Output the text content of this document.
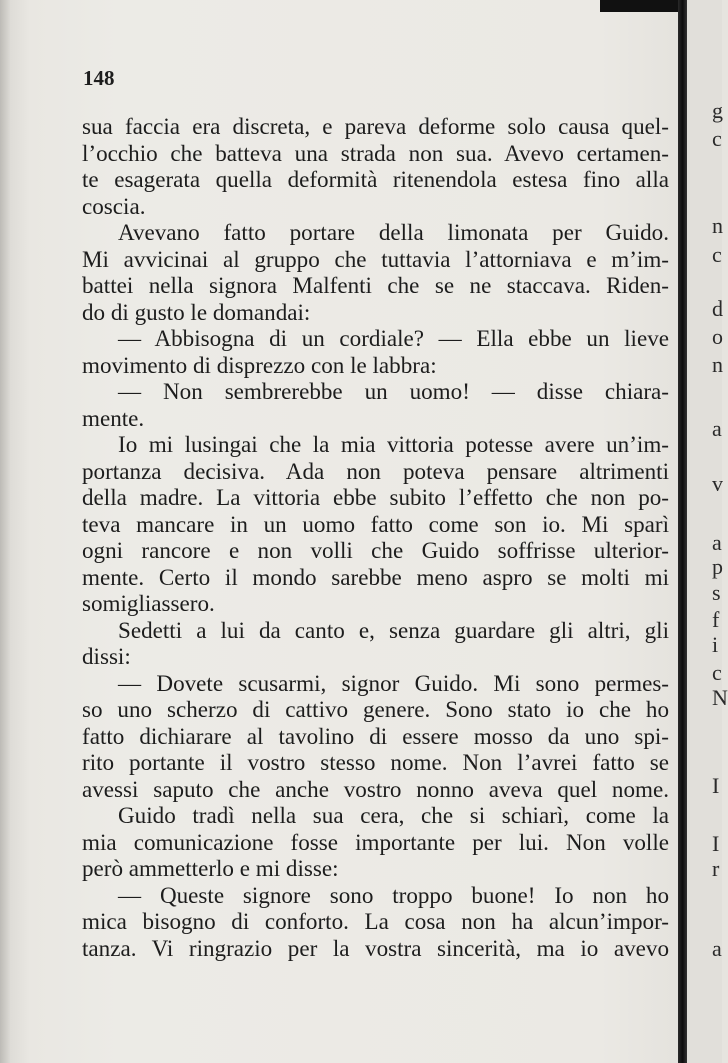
148

sua faccia era discreta, e pareva deforme solo causa quel-
l’occhio che batteva una strada non sua. Avevo certamen-
te esagerata quella deformità ritenendola estesa fino alla
coscia.
Avevano fatto portare della limonata per Guido.
Mi avvicinai al gruppo che tuttavia l’attorniava e m’im-
battei nella signora Malfenti che se ne staccava. Riden-
do di gusto le domandai:
— Abbisogna di un cordiale? — Ella ebbe un lieve
movimento di disprezzo con le labbra:
— Non sembrerebbe un uomo! — disse chiara-
mente.
Io mi lusingai che la mia vittoria potesse avere un’im-
portanza decisiva. Ada non poteva pensare altrimenti
della madre. La vittoria ebbe subito l’effetto che non po-
teva mancare in un uomo fatto come son io. Mi sparì
ogni rancore e non volli che Guido soffrisse ulterior-
mente. Certo il mondo sarebbe meno aspro se molti mi
somigliassero.
Sedetti a lui da canto e, senza guardare gli altri, gli
dissi:
— Dovete scusarmi, signor Guido. Mi sono permes-
so uno scherzo di cattivo genere. Sono stato io che ho
fatto dichiarare al tavolino di essere mosso da uno spi-
rito portante il vostro stesso nome. Non l’avrei fatto se
avessi saputo che anche vostro nonno aveva quel nome.
Guido tradì nella sua cera, che si schiarì, come la
mia comunicazione fosse importante per lui. Non volle
però ammetterlo e mi disse:
— Queste signore sono troppo buone! Io non ho
mica bisogno di conforto. La cosa non ha alcun’impor-
tanza. Vi ringrazio per la vostra sincerità, ma io avevo
g
c
n
c
d
o
n
a
v
a
p
s
f
i
c
N
I
I
r
a
